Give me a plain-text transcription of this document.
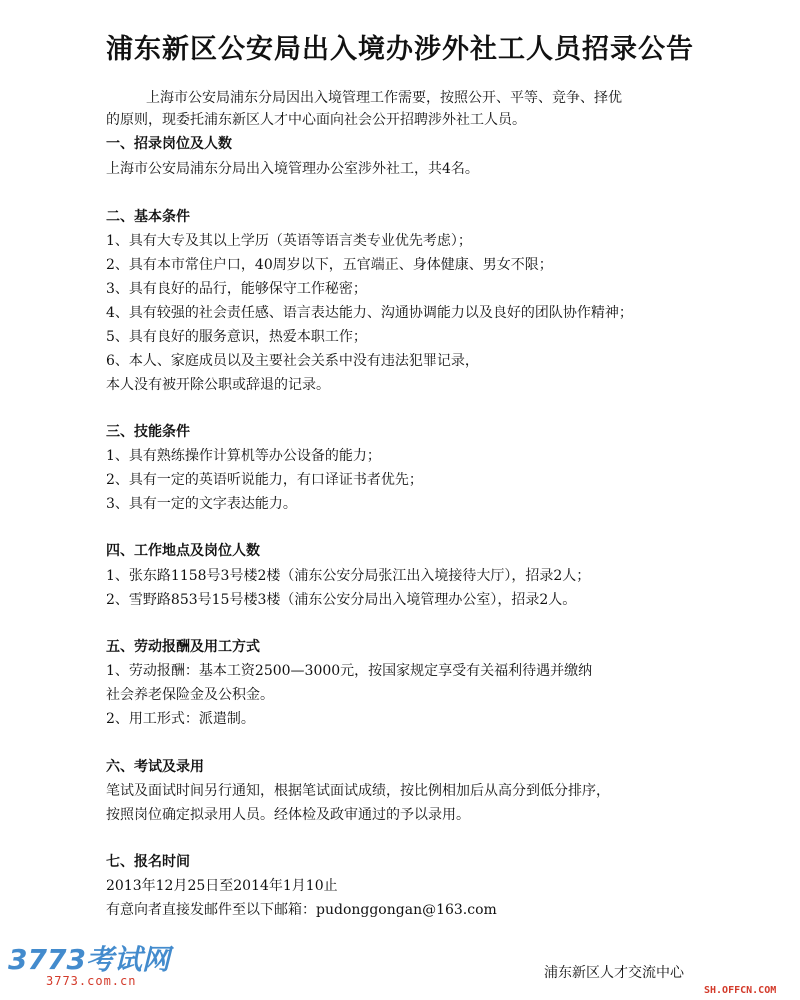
浦东新区公安局出入境办涉外社工人员招录公告
上海市公安局浦东分局因出入境管理工作需要，按照公开、平等、竞争、择优
的原则，现委托浦东新区人才中心面向社会公开招聘涉外社工人员。
一、招录岗位及人数
上海市公安局浦东分局出入境管理办公室涉外社工，共4名。
二、基本条件
1、具有大专及其以上学历（英语等语言类专业优先考虑）；
2、具有本市常住户口，40周岁以下，五官端正、身体健康、男女不限；
3、具有良好的品行，能够保守工作秘密；
4、具有较强的社会责任感、语言表达能力、沟通协调能力以及良好的团队协作精神；
5、具有良好的服务意识，热爱本职工作；
6、本人、家庭成员以及主要社会关系中没有违法犯罪记录，
本人没有被开除公职或辞退的记录。
三、技能条件
1、具有熟练操作计算机等办公设备的能力；
2、具有一定的英语听说能力，有口译证书者优先；
3、具有一定的文字表达能力。
四、工作地点及岗位人数
1、张东路1158号3号楼2楼（浦东公安分局张江出入境接待大厅），招录2人；
2、雪野路853号15号楼3楼（浦东公安分局出入境管理办公室），招录2人。
五、劳动报酬及用工方式
1、劳动报酬：基本工资2500—3000元，按国家规定享受有关福利待遇并缴纳
社会养老保险金及公积金。
2、用工形式：派遣制。
六、考试及录用
笔试及面试时间另行通知，根据笔试面试成绩，按比例相加后从高分到低分排序，
按照岗位确定拟录用人员。经体检及政审通过的予以录用。
七、报名时间
2013年12月25日至2014年1月10止
有意向者直接发邮件至以下邮箱：pudonggongan@163.com
3773考试网
3773.com.cn	浦东新区人才交流中心
SH.OFFCN.COM
